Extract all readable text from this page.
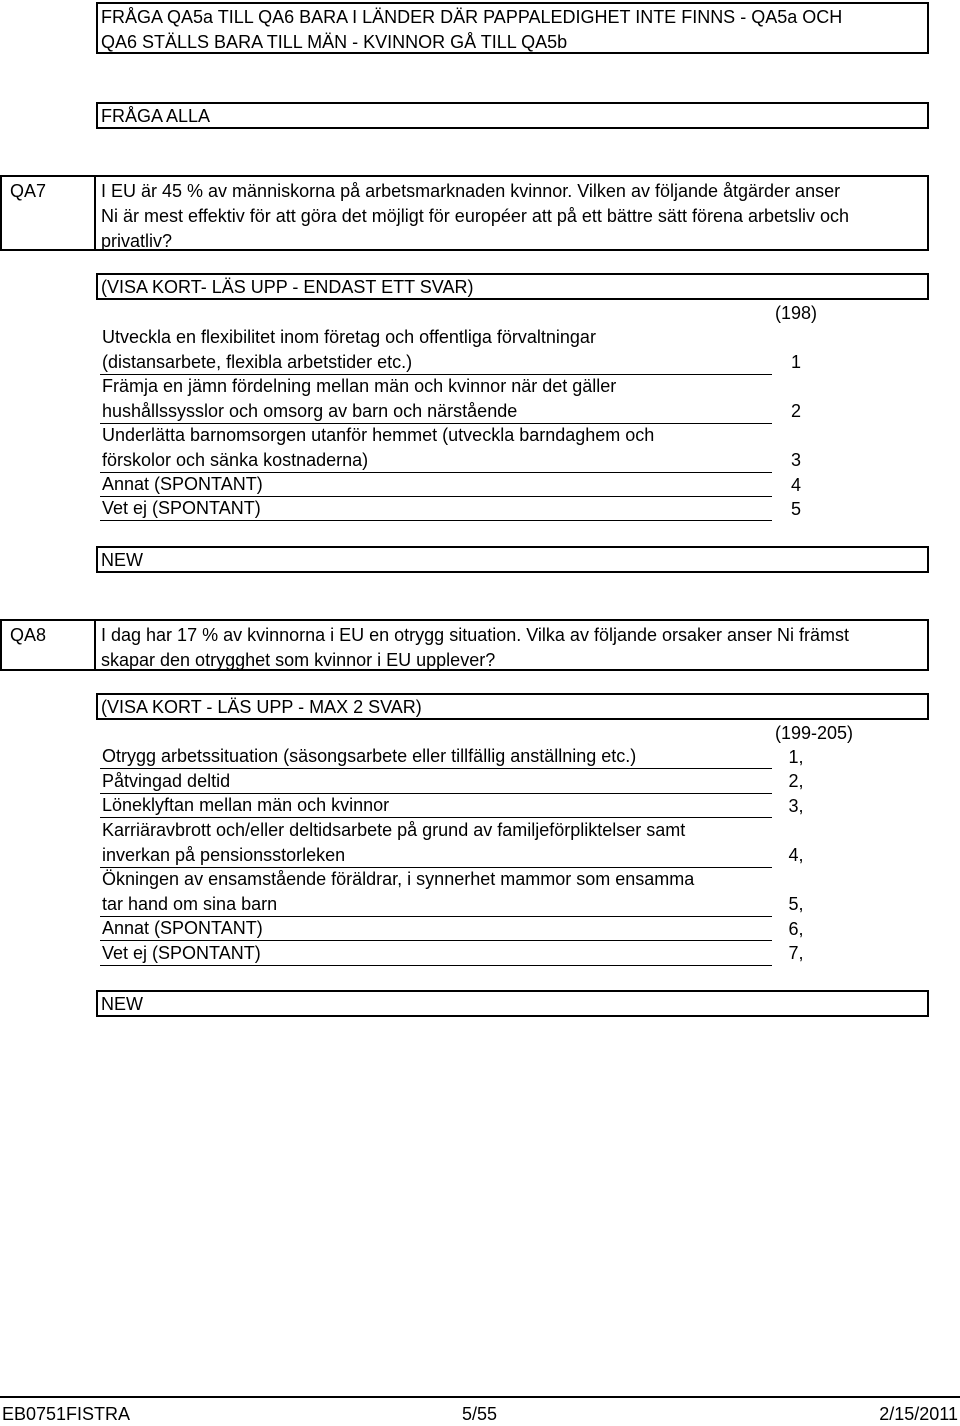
FRÅGA QA5a TILL QA6 BARA I LÄNDER DÄR PAPPALEDIGHET INTE FINNS - QA5a OCH
QA6 STÄLLS BARA TILL MÄN - KVINNOR GÅ TILL QA5b
FRÅGA ALLA
QA7	I EU är 45 % av människorna på arbetsmarknaden kvinnor. Vilken av följande åtgärder anser
Ni är mest effektiv för att göra det möjligt för européer att på ett bättre sätt förena arbetsliv och
privatliv?
(VISA KORT- LÄS UPP - ENDAST ETT SVAR)
(198)
Utveckla en flexibilitet inom företag och offentliga förvaltningar
(distansarbete, flexibla arbetstider etc.)	1
Främja en jämn fördelning mellan män och kvinnor när det gäller
hushållssysslor och omsorg av barn och närstående	2
Underlätta barnomsorgen utanför hemmet (utveckla barndaghem och
förskolor och sänka kostnaderna)	3
Annat (SPONTANT)	4
Vet ej (SPONTANT)	5
NEW
QA8	I dag har 17 % av kvinnorna i EU en otrygg situation. Vilka av följande orsaker anser Ni främst
skapar den otrygghet som kvinnor i EU upplever?
(VISA KORT - LÄS UPP - MAX 2 SVAR)
(199-205)
Otrygg arbetssituation (säsongsarbete eller tillfällig anställning etc.)	1,
Påtvingad deltid	2,
Löneklyftan mellan män och kvinnor	3,
Karriäravbrott och/eller deltidsarbete på grund av familjeförpliktelser samt
inverkan på pensionsstorleken	4,
Ökningen av ensamstående föräldrar, i synnerhet mammor som ensamma
tar hand om sina barn	5,
Annat (SPONTANT)	6,
Vet ej (SPONTANT)	7,
NEW
EB0751FISTRA	5/55	2/15/2011
